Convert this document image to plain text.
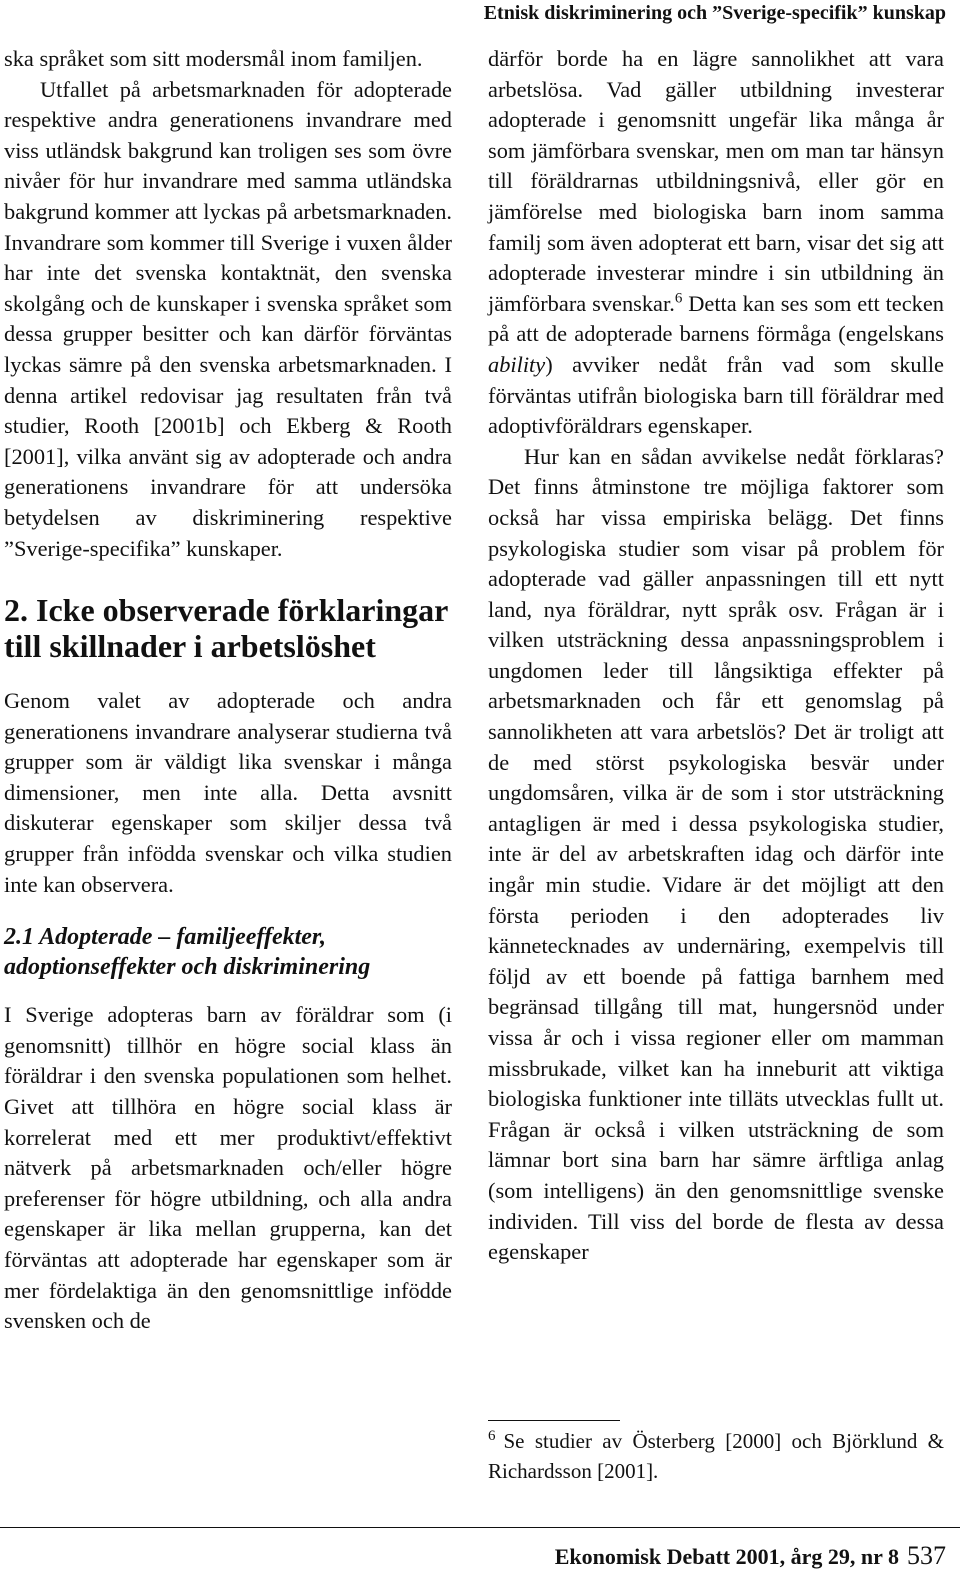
Etnisk diskriminering och ”Sverige-specifik” kunskap

ska språket som sitt modersmål inom familjen.

Utfallet på arbetsmarknaden för adopterade respektive andra generationens invandrare med viss utländsk bakgrund kan troligen ses som övre nivåer för hur invandrare med samma utländska bakgrund kommer att lyckas på arbetsmarknaden. Invandrare som kommer till Sverige i vuxen ålder har inte det svenska kontaktnät, den svenska skolgång och de kunskaper i svenska språket som dessa grupper besitter och kan därför förväntas lyckas sämre på den svenska arbetsmarknaden. I denna artikel redovisar jag resultaten från två studier, Rooth [2001b] och Ekberg & Rooth [2001], vilka använt sig av adopterade och andra generationens invandrare för att undersöka betydelsen av diskriminering respektive ”Sverige-specifika” kunskaper.

2. Icke observerade förklaringar till skillnader i arbetslöshet

Genom valet av adopterade och andra generationens invandrare analyserar studierna två grupper som är väldigt lika svenskar i många dimensioner, men inte alla. Detta avsnitt diskuterar egenskaper som skiljer dessa två grupper från infödda svenskar och vilka studien inte kan observera.

2.1 Adopterade – familjeeffekter, adoptionseffekter och diskriminering

I Sverige adopteras barn av föräldrar som (i genomsnitt) tillhör en högre social klass än föräldrar i den svenska populationen som helhet. Givet att tillhöra en högre social klass är korrelerat med ett mer produktivt/effektivt nätverk på arbetsmarknaden och/eller högre preferenser för högre utbildning, och alla andra egenskaper är lika mellan grupperna, kan det förväntas att adopterade har egenskaper som är mer fördelaktiga än den genomsnittlige infödde svensken och de

därför borde ha en lägre sannolikhet att vara arbetslösa. Vad gäller utbildning investerar adopterade i genomsnitt ungefär lika många år som jämförbara svenskar, men om man tar hänsyn till föräldrarnas utbildningsnivå, eller gör en jämförelse med biologiska barn inom samma familj som även adopterat ett barn, visar det sig att adopterade investerar mindre i sin utbildning än jämförbara svenskar.$^6$ Detta kan ses som ett tecken på att de adopterade barnens förmåga (engelskans ability) avviker nedåt från vad som skulle förväntas utifrån biologiska barn till föräldrar med adoptivföräldrars egenskaper.

Hur kan en sådan avvikelse nedåt förklaras? Det finns åtminstone tre möjliga faktorer som också har vissa empiriska belägg. Det finns psykologiska studier som visar på problem för adopterade vad gäller anpassningen till ett nytt land, nya föräldrar, nytt språk osv. Frågan är i vilken utsträckning dessa anpassningsproblem i ungdomen leder till långsiktiga effekter på arbetsmarknaden och får ett genomslag på sannolikheten att vara arbetslös? Det är troligt att de med störst psykologiska besvär under ungdomsåren, vilka är de som i stor utsträckning antagligen är med i dessa psykologiska studier, inte är del av arbetskraften idag och därför inte ingår min studie. Vidare är det möjligt att den första perioden i den adopterades liv kännetecknades av undernäring, exempelvis till följd av ett boende på fattiga barnhem med begränsad tillgång till mat, hungersnöd under vissa år och i vissa regioner eller om mamman missbrukade, vilket kan ha inneburit att viktiga biologiska funktioner inte tilläts utvecklas fullt ut. Frågan är också i vilken utsträckning de som lämnar bort sina barn har sämre ärftliga anlag (som intelligens) än den genomsnittlige svenske individen. Till viss del borde de flesta av dessa egenskaper

$^6$ Se studier av Österberg [2000] och Björklund & Richardsson [2001].
Ekonomisk Debatt 2001, årg 29, nr 8 537
